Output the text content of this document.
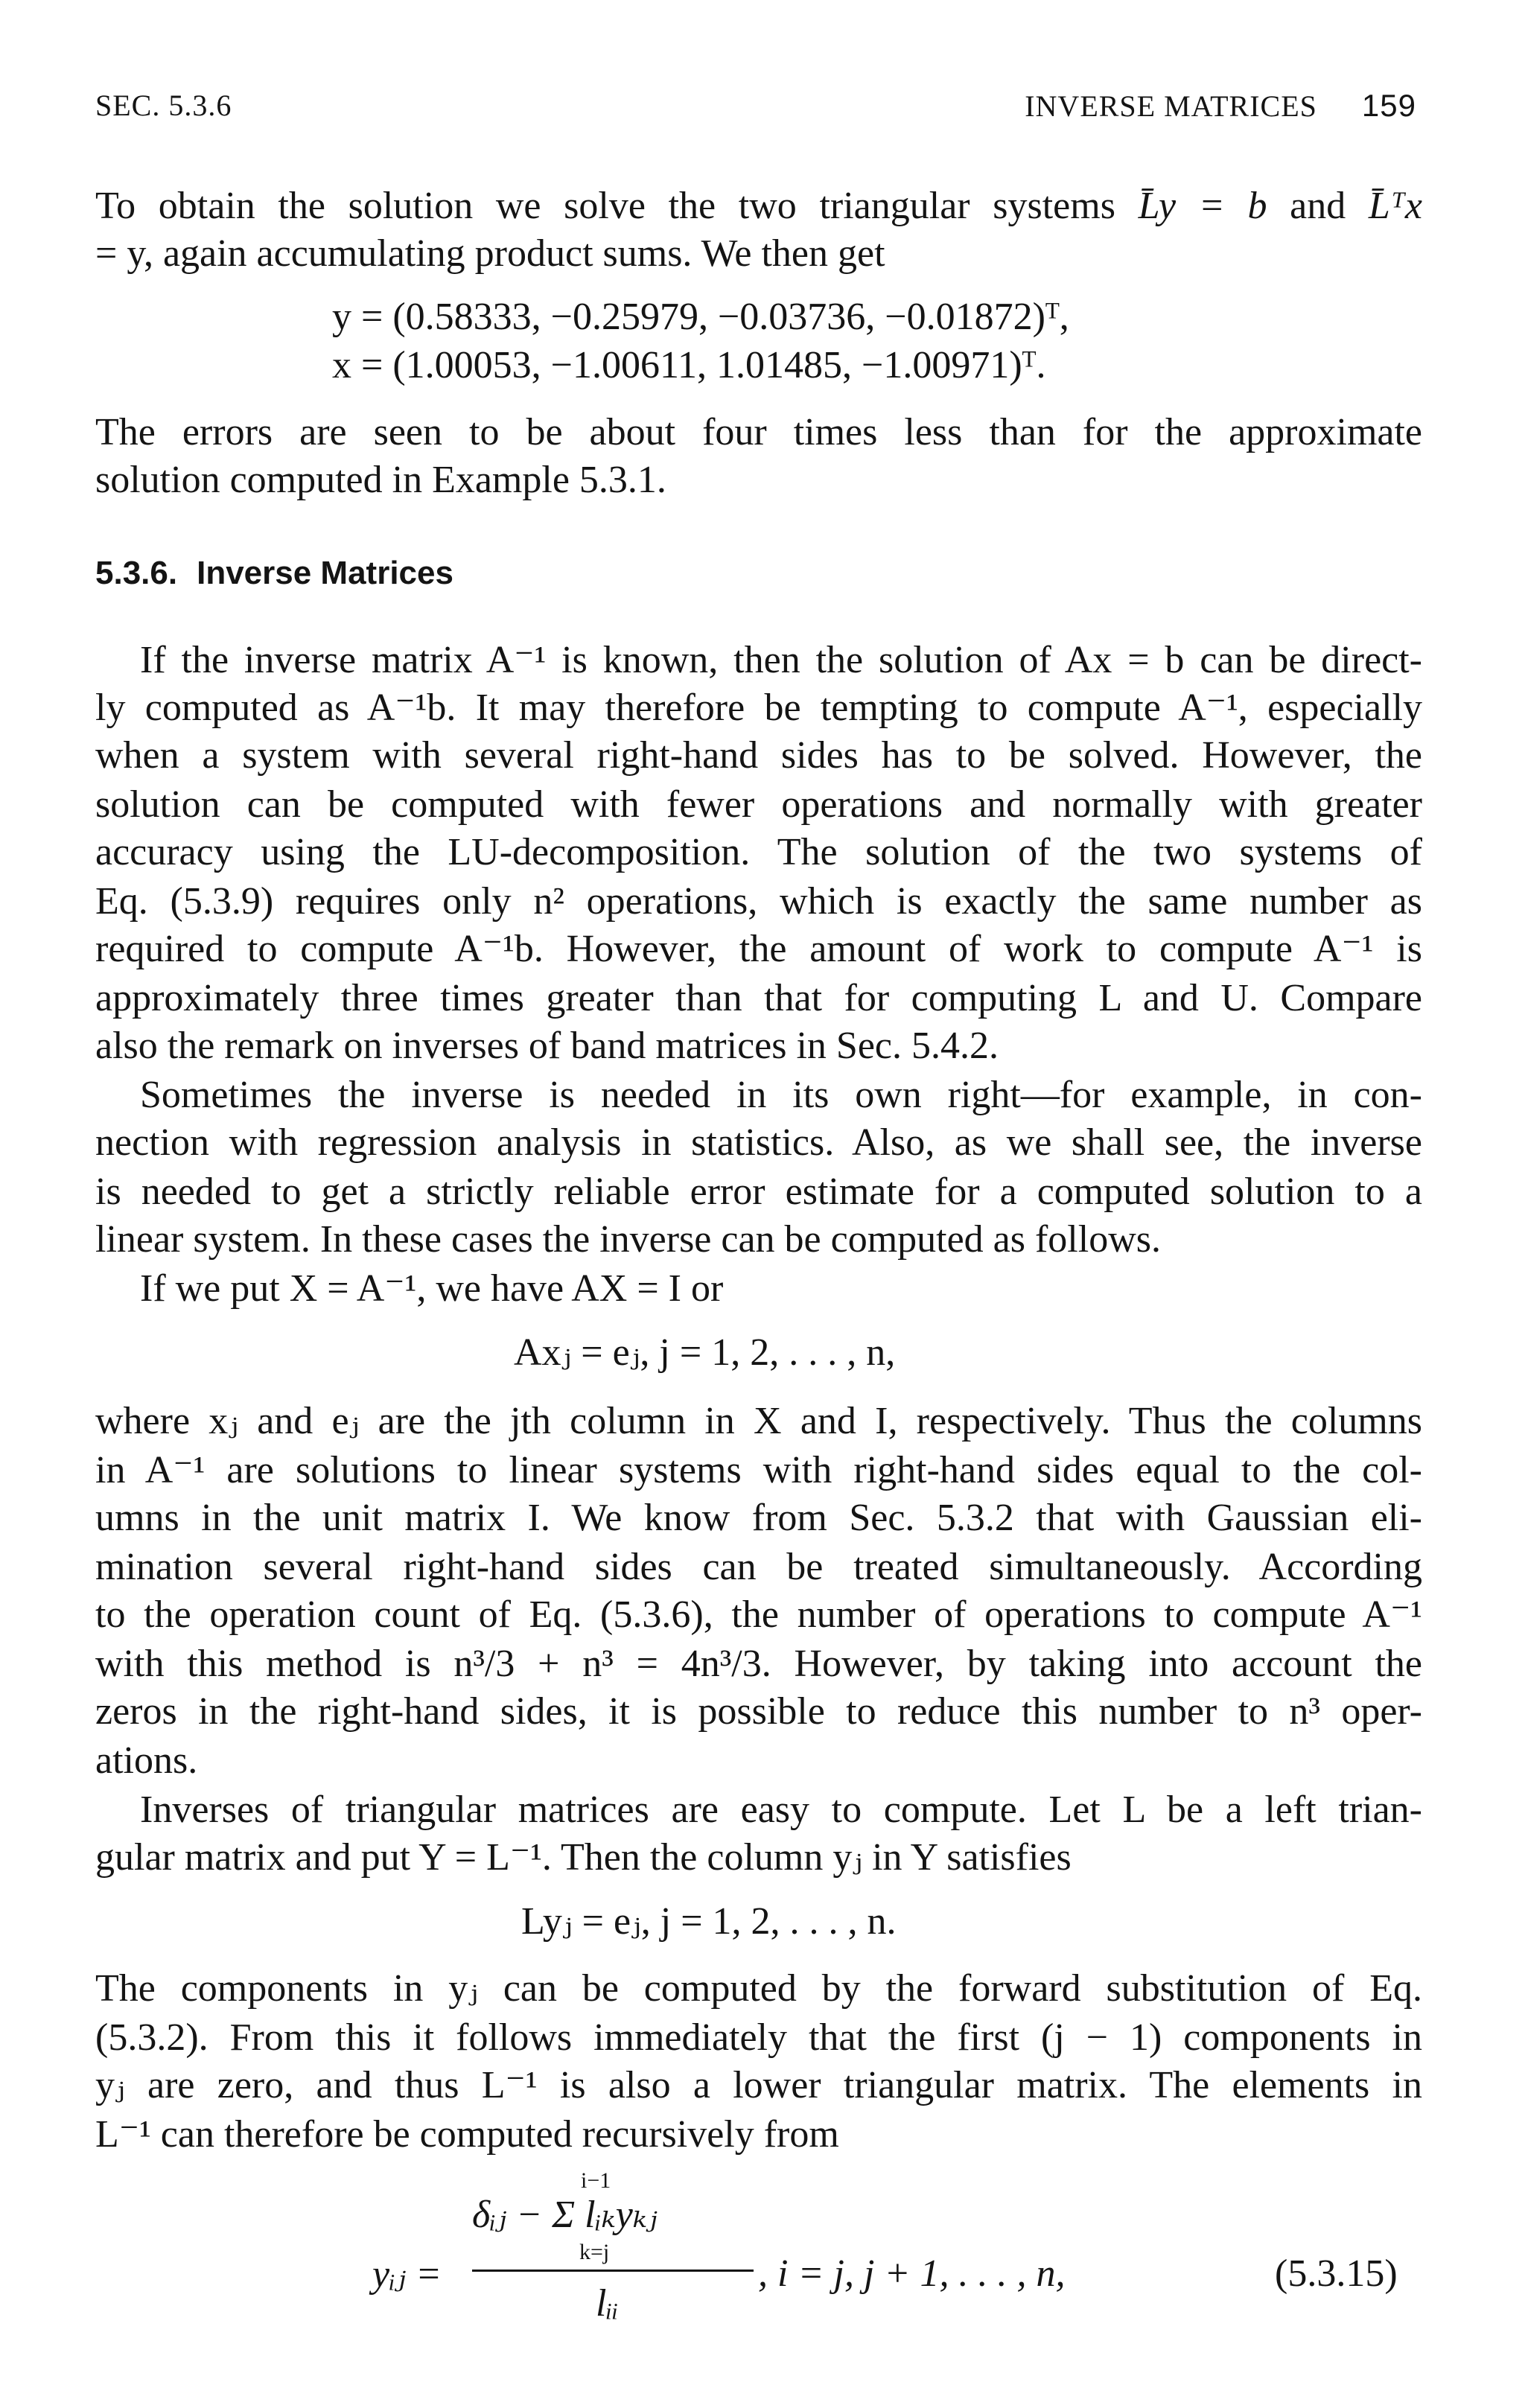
SEC. 5.3.6	INVERSE MATRICES 159
To obtain the solution we solve the two triangular systems L̄y = b and L̄ᵀx
= y, again accumulating product sums. We then get
y = (0.58333, −0.25979, −0.03736, −0.01872)ᵀ,
x = (1.00053, −1.00611, 1.01485, −1.00971)ᵀ.
The errors are seen to be about four times less than for the approximate
solution computed in Example 5.3.1.
5.3.6. Inverse Matrices
If the inverse matrix A⁻¹ is known, then the solution of Ax = b can be direct-
ly computed as A⁻¹b. It may therefore be tempting to compute A⁻¹, especially
when a system with several right-hand sides has to be solved. However, the
solution can be computed with fewer operations and normally with greater
accuracy using the LU-decomposition. The solution of the two systems of
Eq. (5.3.9) requires only n² operations, which is exactly the same number as
required to compute A⁻¹b. However, the amount of work to compute A⁻¹ is
approximately three times greater than that for computing L and U. Compare
also the remark on inverses of band matrices in Sec. 5.4.2.
Sometimes the inverse is needed in its own right—for example, in con-
nection with regression analysis in statistics. Also, as we shall see, the inverse
is needed to get a strictly reliable error estimate for a computed solution to a
linear system. In these cases the inverse can be computed as follows.
If we put X = A⁻¹, we have AX = I or
Axⱼ = eⱼ, j = 1, 2, . . . , n,
where xⱼ and eⱼ are the jth column in X and I, respectively. Thus the columns
in A⁻¹ are solutions to linear systems with right-hand sides equal to the col-
umns in the unit matrix I. We know from Sec. 5.3.2 that with Gaussian eli-
mination several right-hand sides can be treated simultaneously. According
to the operation count of Eq. (5.3.6), the number of operations to compute A⁻¹
with this method is n³/3 + n³ = 4n³/3. However, by taking into account the
zeros in the right-hand sides, it is possible to reduce this number to n³ oper-
ations.
Inverses of triangular matrices are easy to compute. Let L be a left trian-
gular matrix and put Y = L⁻¹. Then the column yⱼ in Y satisfies
Lyⱼ = eⱼ, j = 1, 2, . . . , n.
The components in yⱼ can be computed by the forward substitution of Eq.
(5.3.2). From this it follows immediately that the first (j − 1) components in
yⱼ are zero, and thus L⁻¹ is also a lower triangular matrix. The elements in
L⁻¹ can therefore be computed recursively from
yᵢⱼ =
i−1
δᵢⱼ − Σ lᵢₖyₖⱼ
k=j
lᵢᵢ
, i = j, j + 1, . . . , n,	(5.3.15)
